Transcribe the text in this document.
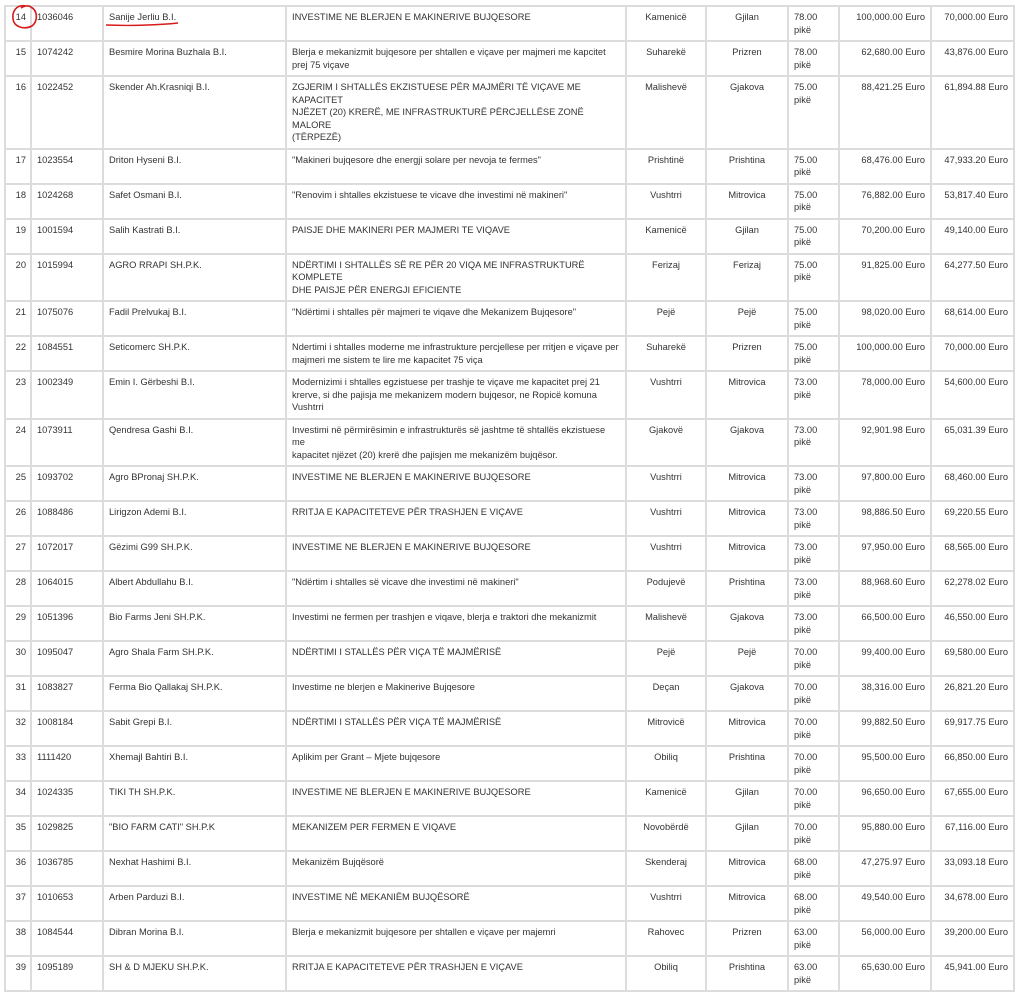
14	1036046	Sanije Jerliu B.I.	INVESTIME NE BLERJEN E MAKINERIVE BUJQESORE	Kamenicë	Gjilan	78.00 pikë	100,000.00 Euro	70,000.00 Euro
15	1074242	Besmire Morina Buzhala B.I.	Blerja e mekanizmit bujqesore per shtallen e viçave per majmeri me kapcitet
prej 75 viçave	Suharekë	Prizren	78.00 pikë	62,680.00 Euro	43,876.00 Euro
16	1022452	Skender Ah.Krasniqi B.I.	ZGJERIM I SHTALLËS EKZISTUESE PËR MAJMËRI TË VIÇAVE ME KAPACITET
NJËZET (20) KRERË, ME INFRASTRUKTURË PËRCJELLËSE ZONË MALORE
(TËRPEZË)	Malishevë	Gjakova	75.00 pikë	88,421.25 Euro	61,894.88 Euro
17	1023554	Driton Hyseni B.I.	"Makineri bujqesore dhe energji solare per nevoja te fermes"	Prishtinë	Prishtina	75.00 pikë	68,476.00 Euro	47,933.20 Euro
18	1024268	Safet Osmani B.I.	"Renovim i shtalles ekzistuese te vicave dhe investimi në makineri"	Vushtrri	Mitrovica	75.00 pikë	76,882.00 Euro	53,817.40 Euro
19	1001594	Salih Kastrati B.I.	PAISJE DHE MAKINERI PER MAJMERI TE VIQAVE	Kamenicë	Gjilan	75.00 pikë	70,200.00 Euro	49,140.00 Euro
20	1015994	AGRO RRAPI SH.P.K.	NDËRTIMI I SHTALLËS SË RE PËR 20 VIQA ME INFRASTRUKTURË KOMPLETE
DHE PAISJE PËR ENERGJI EFICIENTE	Ferizaj	Ferizaj	75.00 pikë	91,825.00 Euro	64,277.50 Euro
21	1075076	Fadil Prelvukaj B.I.	"Ndërtimi i shtalles për majmeri te viqave dhe Mekanizem Bujqesore"	Pejë	Pejë	75.00 pikë	98,020.00 Euro	68,614.00 Euro
22	1084551	Seticomerc SH.P.K.	Ndertimi i shtalles moderne me infrastrukture percjellese per rritjen e viçave per
majmeri me sistem te lire me kapacitet 75 viça	Suharekë	Prizren	75.00 pikë	100,000.00 Euro	70,000.00 Euro
23	1002349	Emin I. Gërbeshi B.I.	Modernizimi i shtalles egzistuese per trashje te viçave me kapacitet prej 21
krerve, si dhe pajisja me mekanizem modern bujqesor, ne Ropicë komuna
Vushtrri	Vushtrri	Mitrovica	73.00 pikë	78,000.00 Euro	54,600.00 Euro
24	1073911	Qendresa Gashi B.I.	Investimi në përmirësimin e infrastrukturës së jashtme të shtallës ekzistuese me
kapacitet njëzet (20) krerë dhe pajisjen me mekanizëm bujqësor.	Gjakovë	Gjakova	73.00 pikë	92,901.98 Euro	65,031.39 Euro
25	1093702	Agro BPronaj SH.P.K.	INVESTIME NE BLERJEN E MAKINERIVE BUJQESORE	Vushtrri	Mitrovica	73.00 pikë	97,800.00 Euro	68,460.00 Euro
26	1088486	Lirigzon Ademi B.I.	RRITJA E KAPACITETEVE PËR TRASHJEN E VIÇAVE	Vushtrri	Mitrovica	73.00 pikë	98,886.50 Euro	69,220.55 Euro
27	1072017	Gëzimi G99 SH.P.K.	INVESTIME NE BLERJEN E MAKINERIVE BUJQESORE	Vushtrri	Mitrovica	73.00 pikë	97,950.00 Euro	68,565.00 Euro
28	1064015	Albert Abdullahu B.I.	"Ndërtim i shtalles së vicave dhe investimi në makineri"	Podujevë	Prishtina	73.00 pikë	88,968.60 Euro	62,278.02 Euro
29	1051396	Bio Farms Jeni SH.P.K.	Investimi ne fermen per trashjen e viqave, blerja e traktori dhe mekanizmit	Malishevë	Gjakova	73.00 pikë	66,500.00 Euro	46,550.00 Euro
30	1095047	Agro Shala Farm SH.P.K.	NDËRTIMI I STALLËS PËR VIÇA TË MAJMËRISË	Pejë	Pejë	70.00 pikë	99,400.00 Euro	69,580.00 Euro
31	1083827	Ferma Bio Qallakaj SH.P.K.	Investime ne blerjen e Makinerive Bujqesore	Deçan	Gjakova	70.00 pikë	38,316.00 Euro	26,821.20 Euro
32	1008184	Sabit Grepi B.I.	NDËRTIMI I STALLËS PËR VIÇA TË MAJMËRISË	Mitrovicë	Mitrovica	70.00 pikë	99,882.50 Euro	69,917.75 Euro
33	1111420	Xhemajl Bahtiri B.I.	Aplikim per Grant – Mjete bujqesore	Obiliq	Prishtina	70.00 pikë	95,500.00 Euro	66,850.00 Euro
34	1024335	TIKI TH SH.P.K.	INVESTIME NE BLERJEN E MAKINERIVE BUJQESORE	Kamenicë	Gjilan	70.00 pikë	96,650.00 Euro	67,655.00 Euro
35	1029825	"BIO FARM CATI" SH.P.K	MEKANIZEM PER FERMEN E VIQAVE	Novobërdë	Gjilan	70.00 pikë	95,880.00 Euro	67,116.00 Euro
36	1036785	Nexhat Hashimi B.I.	Mekanizëm Bujqësorë	Skenderaj	Mitrovica	68.00 pikë	47,275.97 Euro	33,093.18 Euro
37	1010653	Arben Parduzi B.I.	INVESTIME NË MEKANIËM BUJQËSORË	Vushtrri	Mitrovica	68.00 pikë	49,540.00 Euro	34,678.00 Euro
38	1084544	Dibran Morina B.I.	Blerja e mekanizmit bujqesore per shtallen e viçave per majemri	Rahovec	Prizren	63.00 pikë	56,000.00 Euro	39,200.00 Euro
39	1095189	SH & D MJEKU SH.P.K.	RRITJA E KAPACITETEVE PËR TRASHJEN E VIÇAVE	Obiliq	Prishtina	63.00 pikë	65,630.00 Euro	45,941.00 Euro
